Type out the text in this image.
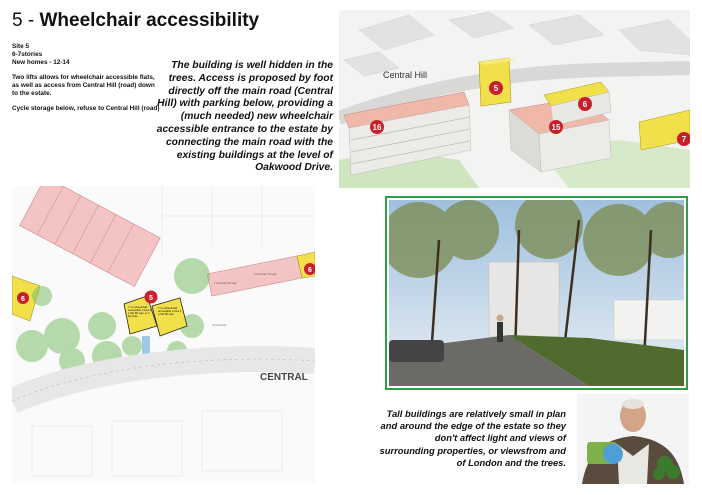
5 - Wheelchair accessibility

Site 5
6-7stories
New homes - 12-14

Two lifts allows for wheelchair accessible flats, as well as access from Central Hill (road) down to the estate.

Cycle storage below, refuse to Central Hill (road)

The building is well hidden in the trees. Access is proposed by foot directly off the main road (Central Hill) with parking below, providing a (much needed) new wheelchair accessible entrance to the estate by connecting the main road with the existing buildings at the level of Oakwood Drive.
Central Hill
16
5
6
15
7
1 bed flat 50 sqm
2 bed flat 70 sqm
7 no wheelchair accessible 2 bed 4 p flat 80 sqm or 3 bed flat
7 no wheelchair accessible 2 bed 4 p flat 80 sqm
wheelchair
CENTRAL
6	5
6
Tall buildings are relatively small in plan and around the edge of the estate so they don't affect light and views of surrounding properties, or viewsfrom and of London and the trees.
